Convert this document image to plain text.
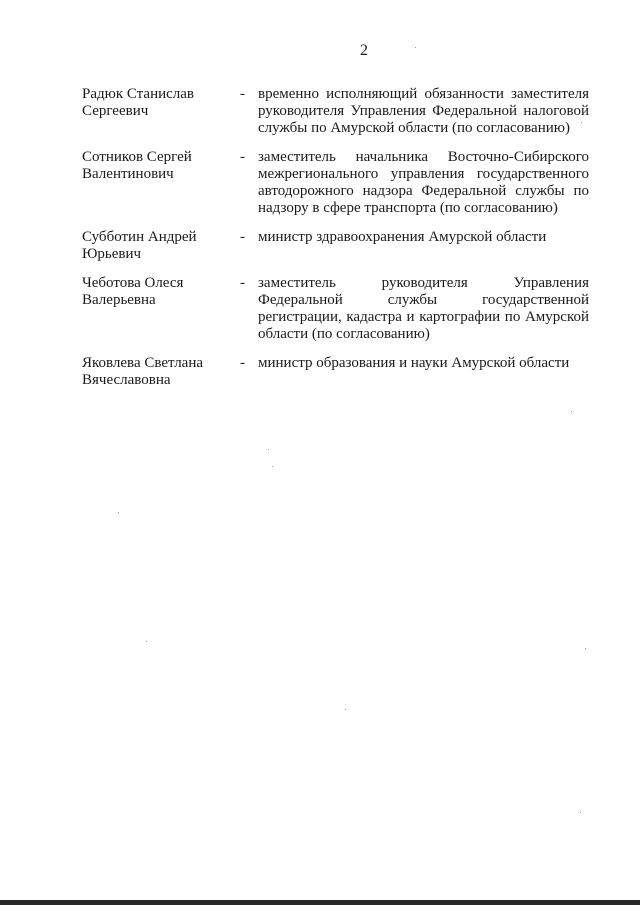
2
Радюк Станислав
Сергеевич
- временно исполняющий обязанности заместителя руководителя Управления Федеральной налоговой службы по Амурской области (по согласованию)
Сотников Сергей
Валентинович
- заместитель начальника Восточно-Сибирского межрегионального управления государственного автодорожного надзора Федеральной службы по надзору в сфере транспорта (по согласованию)
Субботин Андрей
Юрьевич
- министр здравоохранения Амурской области
Чеботова Олеся
Валерьевна
- заместитель руководителя Управления Федеральной службы государственной регистрации, кадастра и картографии по Амурской области (по согласованию)
Яковлева Светлана
Вячеславовна
- министр образования и науки Амурской области
